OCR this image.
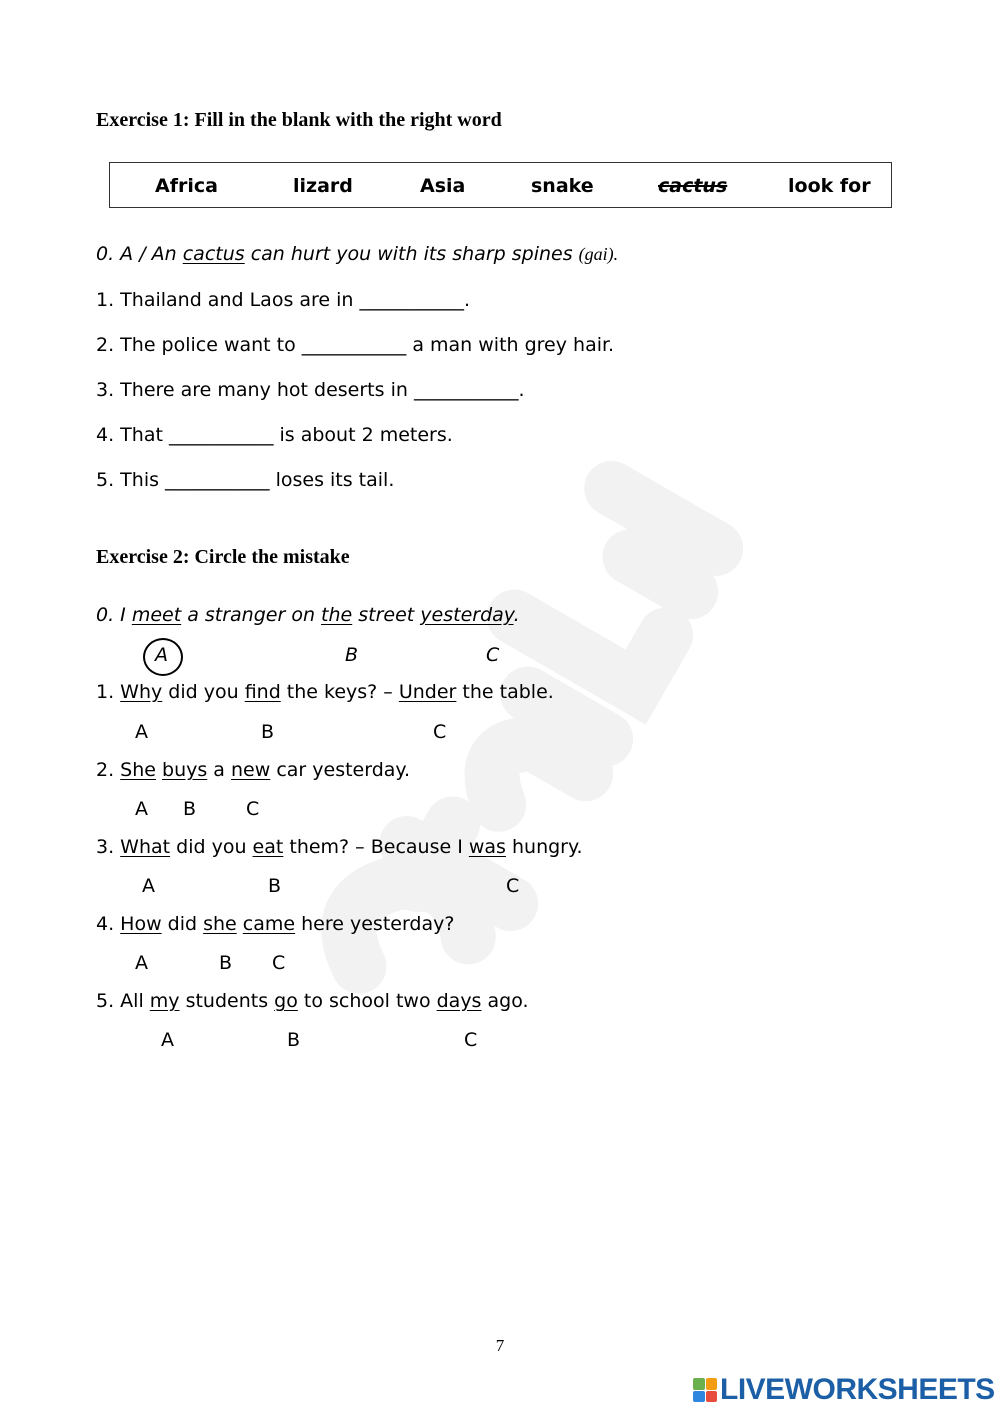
Exercise 1: Fill in the blank with the right word
Africa	lizard	Asia	snake	cactus	look for
0. A / An cactus can hurt you with its sharp spines (gai).
1. Thailand and Laos are in ___________.
2. The police want to ___________ a man with grey hair.
3. There are many hot deserts in ___________.
4. That ___________ is about 2 meters.
5. This ___________ loses its tail.
Exercise 2: Circle the mistake
0. I meet a stranger on the street yesterday.
A	B	C
1. Why did you find the keys? – Under the table.
A	B	C
2. She buys a new car yesterday.
A B	C
3. What did you eat them? – Because I was hungry.
A	B	C
4. How did she came here yesterday?
A	B C
5. All my students go to school two days ago.
A	B	C
7
LIVEWORKSHEETS
